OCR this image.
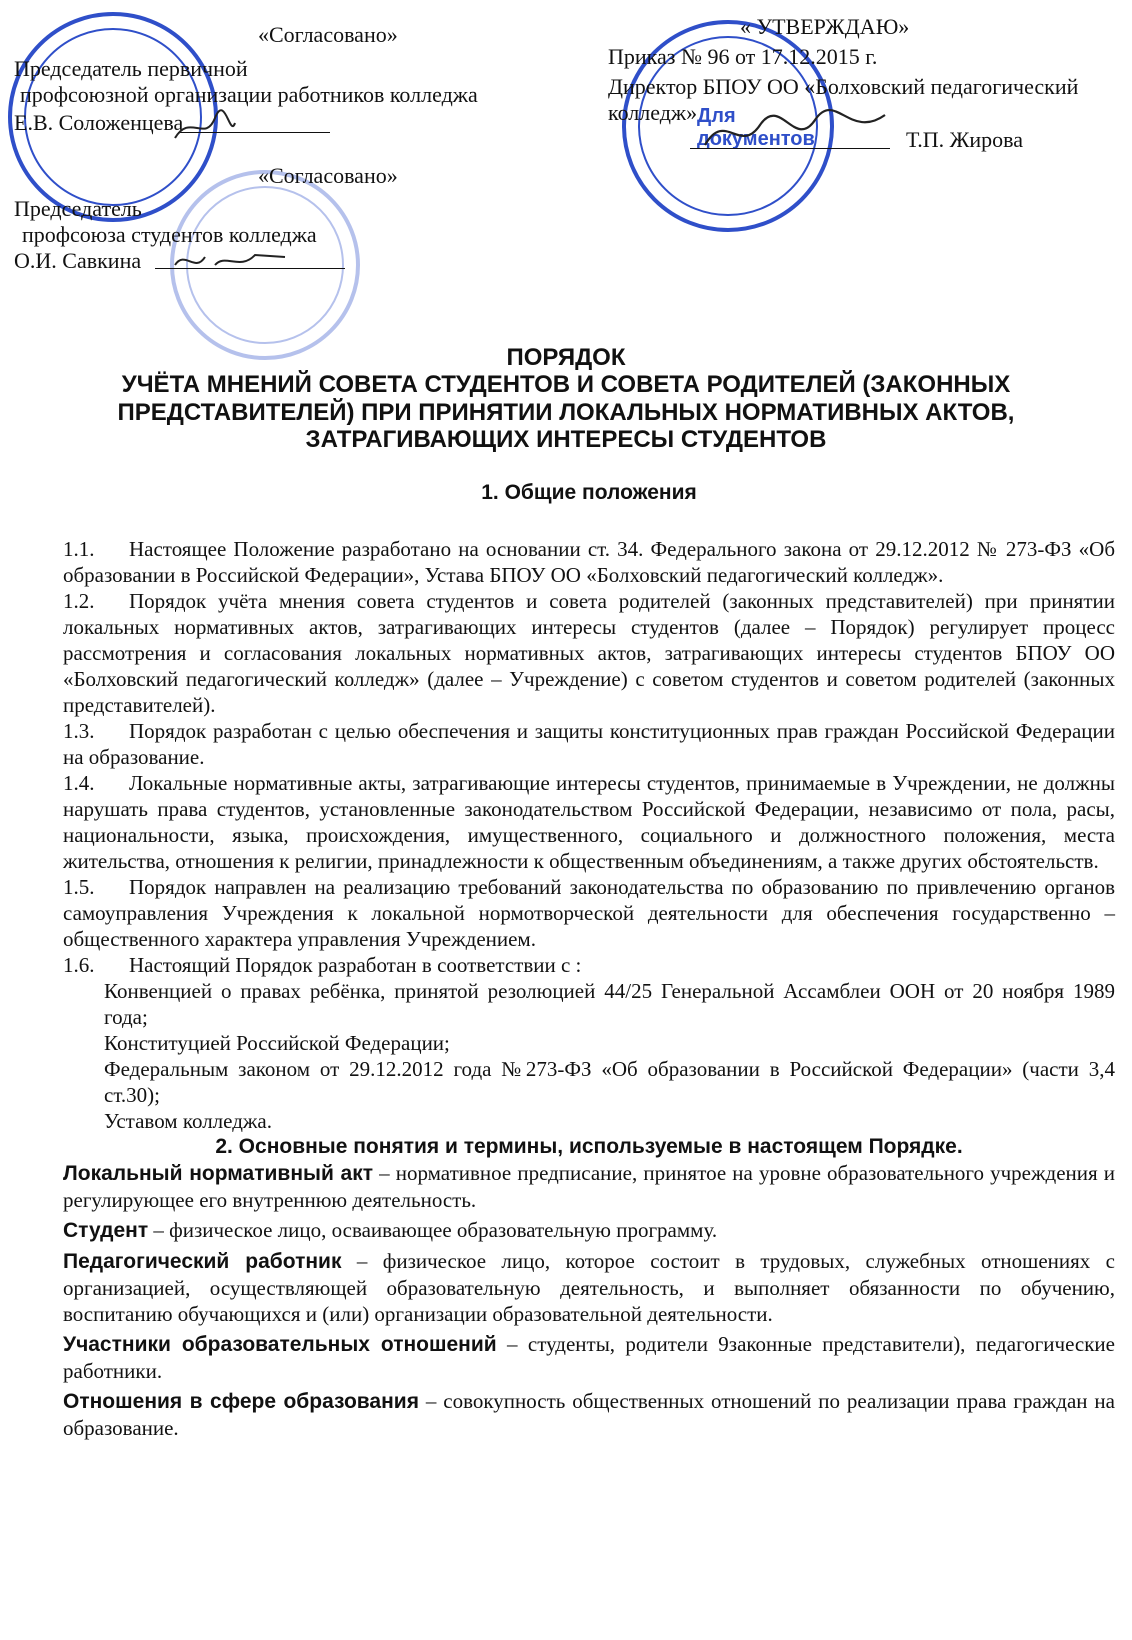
Для
документов
«Согласовано»
Председатель первичной
профсоюзной организации работников колледжа
Е.В. Соложенцева
«Согласовано»
Председатель
профсоюза студентов колледжа
О.И. Савкина
« УТВЕРЖДАЮ»
Приказ № 96 от 17.12.2015 г.
Директор БПОУ ОО «Болховский педагогический
колледж»
Т.П. Жирова
ПОРЯДОК
УЧЁТА МНЕНИЙ СОВЕТА СТУДЕНТОВ И СОВЕТА РОДИТЕЛЕЙ (ЗАКОННЫХ
ПРЕДСТАВИТЕЛЕЙ) ПРИ ПРИНЯТИИ ЛОКАЛЬНЫХ НОРМАТИВНЫХ АКТОВ,
ЗАТРАГИВАЮЩИХ ИНТЕРЕСЫ СТУДЕНТОВ

1. Общие положения

1.1. Настоящее Положение разработано на основании ст. 34. Федерального закона от 29.12.2012 № 273-ФЗ «Об образовании в Российской Федерации», Устава БПОУ ОО «Болховский педагогический колледж».

1.2. Порядок учёта мнения совета студентов и совета родителей (законных представителей) при принятии локальных нормативных актов, затрагивающих интересы студентов (далее – Порядок) регулирует процесс рассмотрения и согласования локальных нормативных актов, затрагивающих интересы студентов БПОУ ОО «Болховский педагогический колледж» (далее – Учреждение) с советом студентов и советом родителей (законных представителей).

1.3. Порядок разработан с целью обеспечения и защиты конституционных прав граждан Российской Федерации на образование.

1.4. Локальные нормативные акты, затрагивающие интересы студентов, принимаемые в Учреждении, не должны нарушать права студентов, установленные законодательством Российской Федерации, независимо от пола, расы, национальности, языка, происхождения, имущественного, социального и должностного положения, места жительства, отношения к религии, принадлежности к общественным объединениям, а также других обстоятельств.

1.5. Порядок направлен на реализацию требований законодательства по образованию по привлечению органов самоуправления Учреждения к локальной нормотворческой деятельности для обеспечения государственно – общественного характера управления Учреждением.

1.6. Настоящий Порядок разработан в соответствии с :

Конвенцией о правах ребёнка, принятой резолюцией 44/25 Генеральной Ассамблеи ООН от 20 ноября 1989 года;

Конституцией Российской Федерации;

Федеральным законом от 29.12.2012 года №273-ФЗ «Об образовании в Российской Федерации» (части 3,4 ст.30);

Уставом колледжа.

2. Основные понятия и термины, используемые в настоящем Порядке.

Локальный нормативный акт – нормативное предписание, принятое на уровне образовательного учреждения и регулирующее его внутреннюю деятельность.

Студент – физическое лицо, осваивающее образовательную программу.

Педагогический работник – физическое лицо, которое состоит в трудовых, служебных отношениях с организацией, осуществляющей образовательную деятельность, и выполняет обязанности по обучению, воспитанию обучающихся и (или) организации образовательной деятельности.

Участники образовательных отношений – студенты, родители 9законные представители), педагогические работники.

Отношения в сфере образования – совокупность общественных отношений по реализации права граждан на образование.
